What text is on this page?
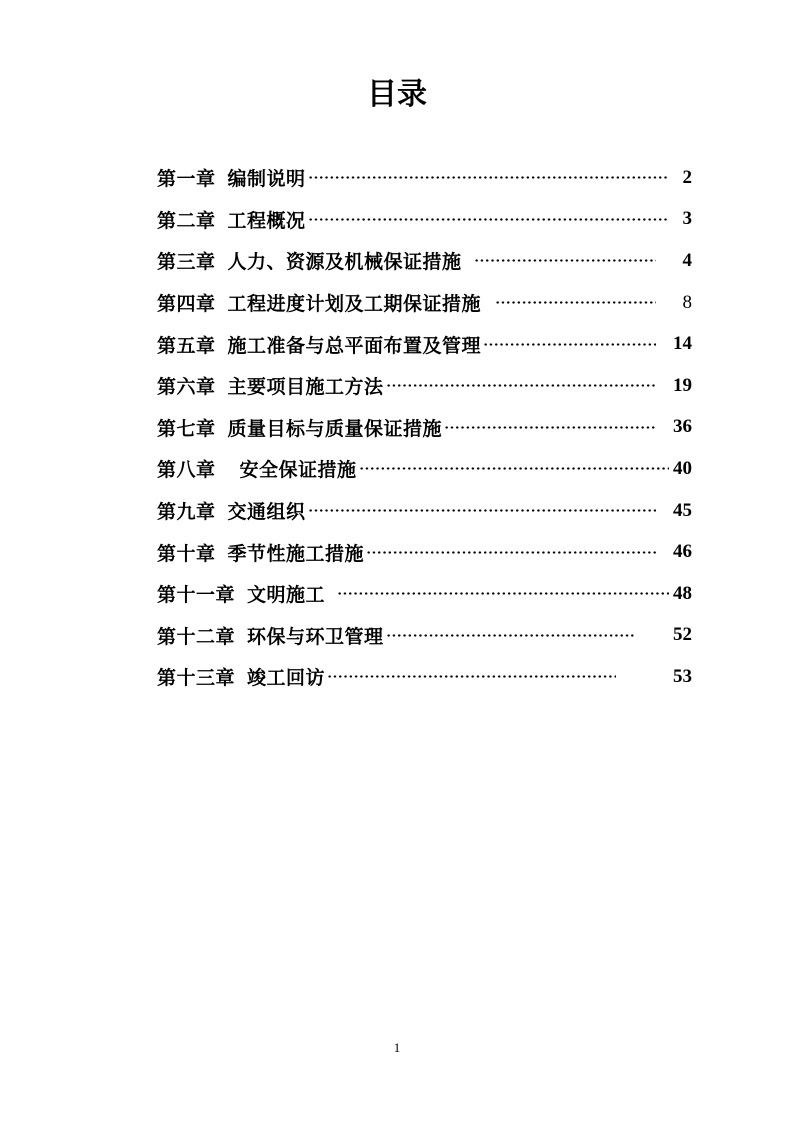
目录
第一章 编制说明	2
第二章 工程概况	3
第三章 人力、资源及机械保证措施	4
第四章 工程进度计划及工期保证措施	8
第五章 施工准备与总平面布置及管理	14
第六章 主要项目施工方法	19
第七章 质量目标与质量保证措施	36
第八章 安全保证措施	40
第九章 交通组织	45
第十章 季节性施工措施	46
第十一章 文明施工	48
第十二章 环保与环卫管理	52
第十三章 竣工回访	53
1
